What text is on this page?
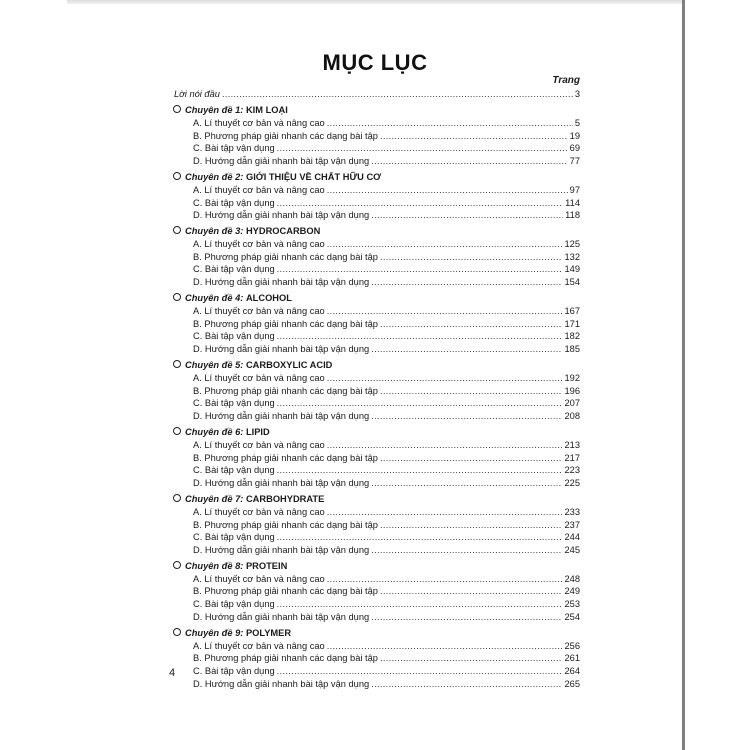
MỤC LỤC
Trang
Lời nói đầu .....	3
Chuyên đề 1:
KIM LOẠI
A. Lí thuyết cơ bản và nâng cao .....	5
B. Phương pháp giải nhanh các dạng bài tập .....	19
C. Bài tập vận dụng .....	69
D. Hướng dẫn giải nhanh bài tập vận dụng .....	77
Chuyên đề 2:
GIỚI THIỆU VỀ CHẤT HỮU CƠ
A. Lí thuyết cơ bản và nâng cao .....	97
C. Bài tập vận dụng .....	114
D. Hướng dẫn giải nhanh bài tập vận dụng .....	118
Chuyên đề 3:
HYDROCARBON
A. Lí thuyết cơ bản và nâng cao .....	125
B. Phương pháp giải nhanh các dạng bài tập .....	132
C. Bài tập vận dụng .....	149
D. Hướng dẫn giải nhanh bài tập vận dụng .....	154
Chuyên đề 4:
ALCOHOL
A. Lí thuyết cơ bản và nâng cao .....	167
B. Phương pháp giải nhanh các dạng bài tập .....	171
C. Bài tập vận dụng .....	182
D. Hướng dẫn giải nhanh bài tập vận dụng .....	185
Chuyên đề 5:
CARBOXYLIC ACID
A. Lí thuyết cơ bản và nâng cao .....	192
B. Phương pháp giải nhanh các dạng bài tập .....	196
C. Bài tập vận dụng .....	207
D. Hướng dẫn giải nhanh bài tập vận dụng .....	208
Chuyên đề 6:
LIPID
A. Lí thuyết cơ bản và nâng cao .....	213
B. Phương pháp giải nhanh các dạng bài tập .....	217
C. Bài tập vận dụng .....	223
D. Hướng dẫn giải nhanh bài tập vận dụng .....	225
Chuyên đề 7:
CARBOHYDRATE
A. Lí thuyết cơ bản và nâng cao .....	233
B. Phương pháp giải nhanh các dạng bài tập .....	237
C. Bài tập vận dụng .....	244
D. Hướng dẫn giải nhanh bài tập vận dụng .....	245
Chuyên đề 8:
PROTEIN
A. Lí thuyết cơ bản và nâng cao .....	248
B. Phương pháp giải nhanh các dạng bài tập .....	249
C. Bài tập vận dụng .....	253
D. Hướng dẫn giải nhanh bài tập vận dụng .....	254
Chuyên đề 9:
POLYMER
A. Lí thuyết cơ bản và nâng cao .....	256
B. Phương pháp giải nhanh các dạng bài tập .....	261
C. Bài tập vận dụng .....	264
D. Hướng dẫn giải nhanh bài tập vận dụng .....	265
4
